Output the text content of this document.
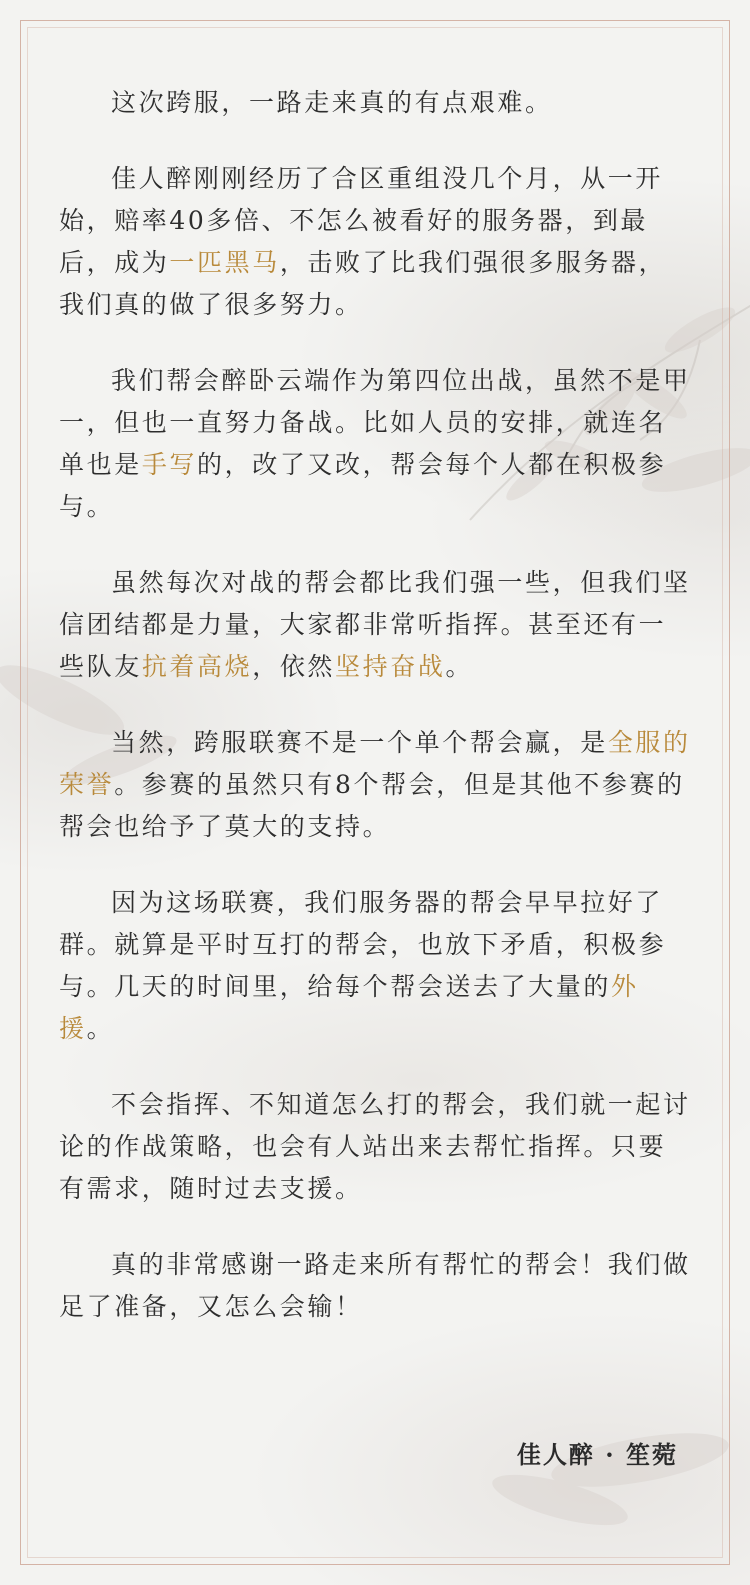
这次跨服，一路走来真的有点艰难。

佳人醉刚刚经历了合区重组没几个月，从一开始，赔率40多倍、不怎么被看好的服务器，到最后，成为一匹黑马，击败了比我们强很多服务器，我们真的做了很多努力。

我们帮会醉卧云端作为第四位出战，虽然不是甲一，但也一直努力备战。比如人员的安排，就连名单也是手写的，改了又改，帮会每个人都在积极参与。

虽然每次对战的帮会都比我们强一些，但我们坚信团结都是力量，大家都非常听指挥。甚至还有一些队友抗着高烧，依然坚持奋战。

当然，跨服联赛不是一个单个帮会赢，是全服的荣誉。参赛的虽然只有8个帮会，但是其他不参赛的帮会也给予了莫大的支持。

因为这场联赛，我们服务器的帮会早早拉好了群。就算是平时互打的帮会，也放下矛盾，积极参与。几天的时间里，给每个帮会送去了大量的外援。

不会指挥、不知道怎么打的帮会，我们就一起讨论的作战策略，也会有人站出来去帮忙指挥。只要有需求，随时过去支援。

真的非常感谢一路走来所有帮忙的帮会！我们做足了准备，又怎么会输！

佳人醉 · 笙菀
